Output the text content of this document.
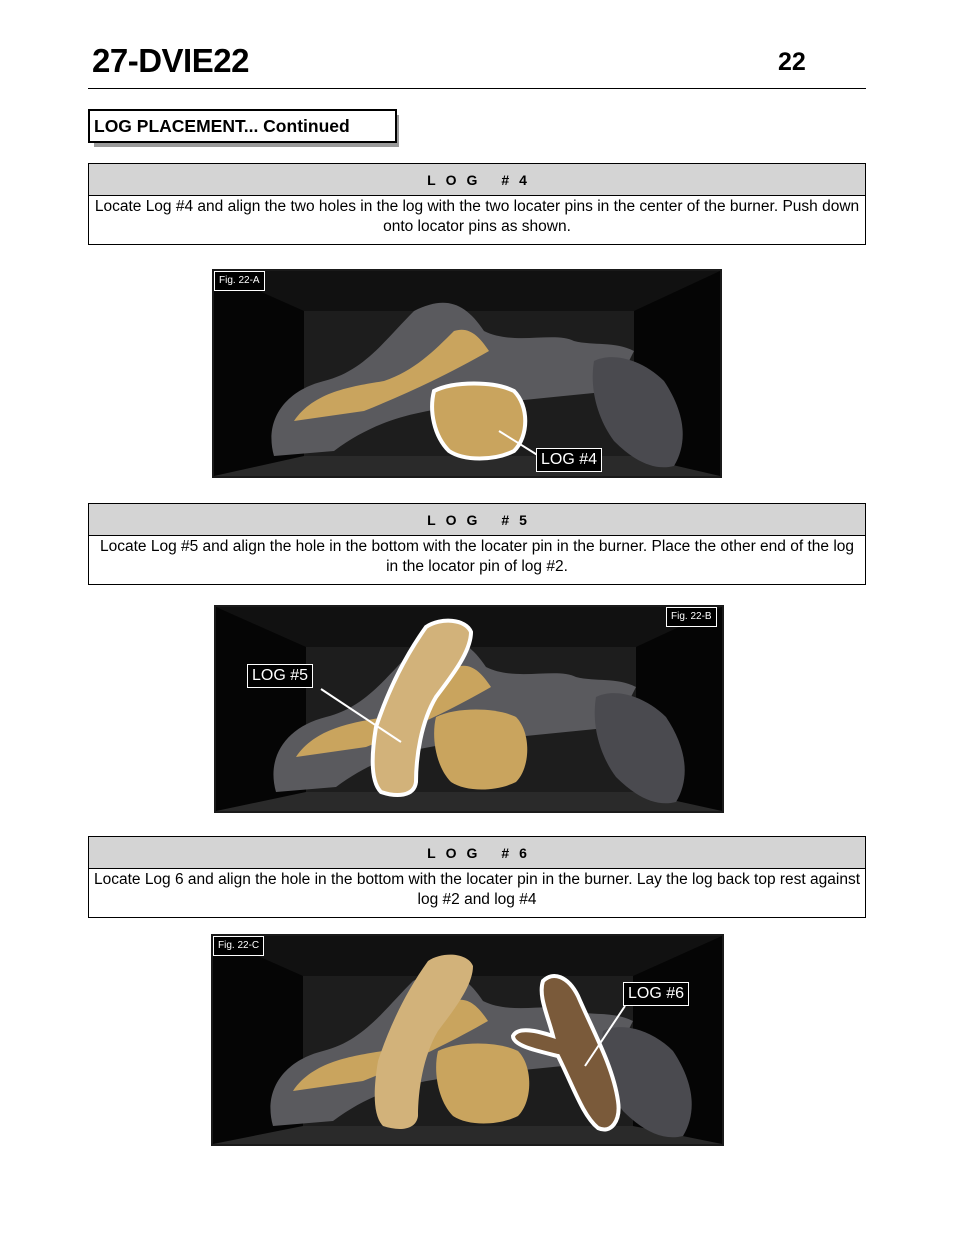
27-DVIE22	22
LOG PLACEMENT... Continued
LOG #4
Locate Log #4 and align the two holes in the log with the two locater pins in the center of the burner. Push down onto locator pins as shown.
Fig. 22-A
LOG #4
LOG #5
Locate Log #5 and align the hole in the bottom with the locater pin in the burner. Place the other end of the log in the locator pin of log #2.
Fig. 22-B
LOG #5
LOG #6
Locate Log 6 and align the hole in the bottom with the locater pin in the burner. Lay the log back top rest against log #2 and log #4
Fig. 22-C
LOG #6
